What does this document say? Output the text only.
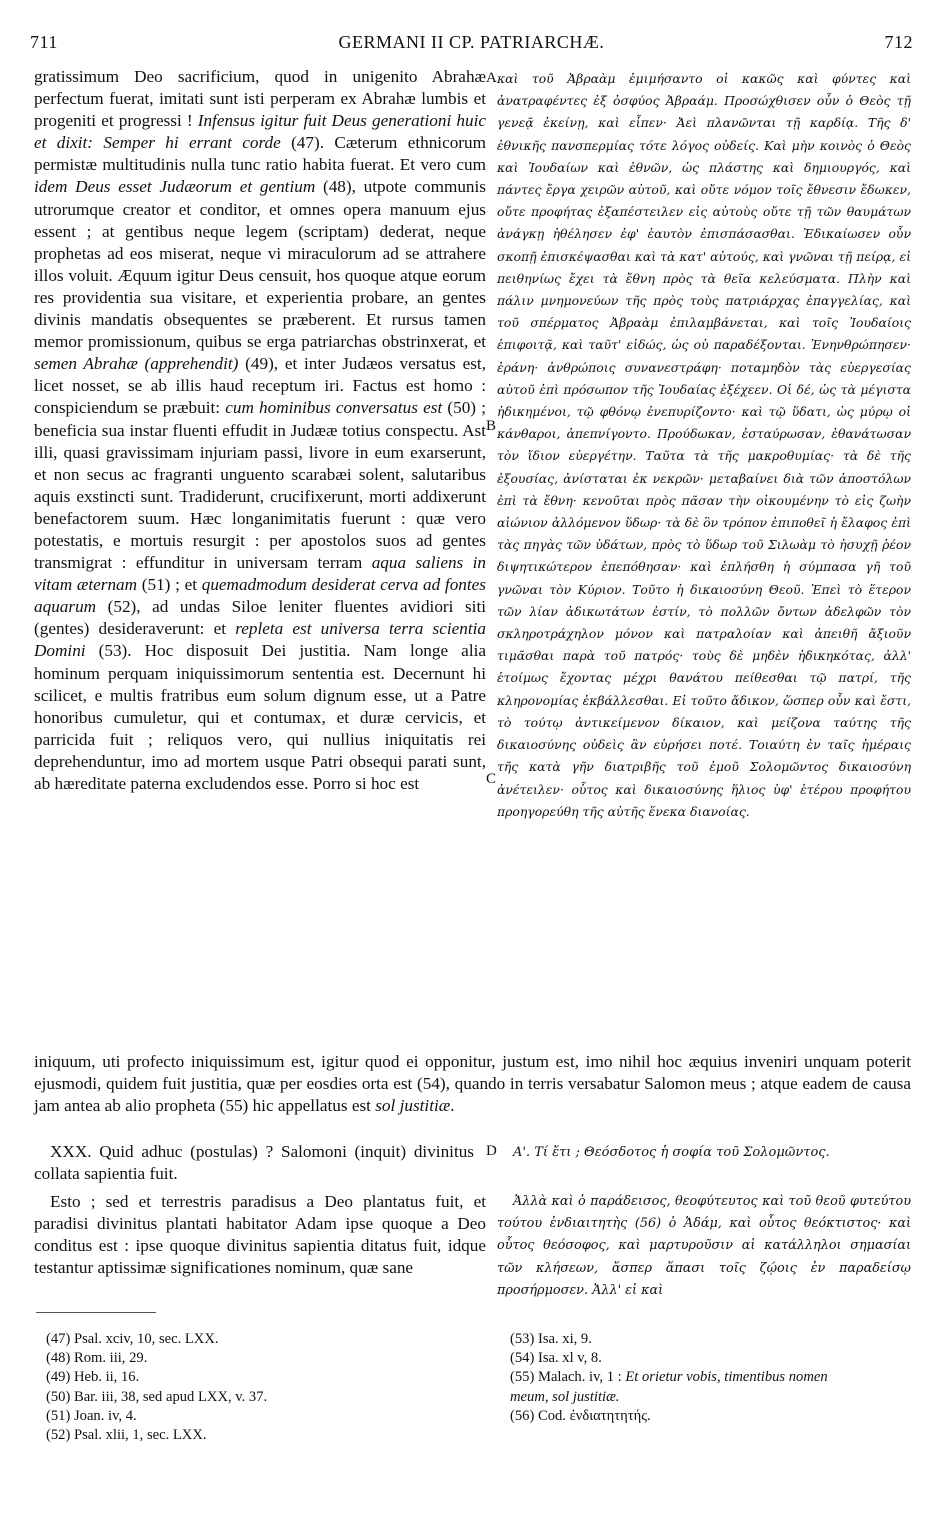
711	GERMANI II CP. PATRIARCHÆ.	712

gratissimum Deo sacrificium, quod in unigenito Abrahæ perfectum fuerat, imitati sunt isti perperam ex Abrahæ lumbis et progeniti et progressi ! Infensus igitur fuit Deus generationi huic et dixit: Semper hi errant corde (47). Cæterum ethnicorum permistæ multitudinis nulla tunc ratio habita fuerat. Et vero cum idem Deus esset Judæorum et gentium (48), utpote communis utrorumque creator et conditor, et omnes opera manuum ejus essent ; at gentibus neque legem (scriptam) dederat, neque prophetas ad eos miserat, neque vi miraculorum ad se attrahere illos voluit. Æquum igitur Deus censuit, hos quoque atque eorum res providentia sua visitare, et experientia probare, an gentes divinis mandatis obsequentes se præberent. Et rursus tamen memor promissionum, quibus se erga patriarchas obstrinxerat, et semen Abrahæ (apprehendit) (49), et inter Judæos versatus est, licet nosset, se ab illis haud receptum iri. Factus est homo : conspiciendum se præbuit: cum hominibus conversatus est (50) ; beneficia sua instar fluenti effudit in Judææ totius conspectu. Ast illi, quasi gravissimam injuriam passi, livore in eum exarserunt, et non secus ac fragranti unguento scarabæi solent, salutaribus aquis exstincti sunt. Tradiderunt, crucifixerunt, morti addixerunt benefactorem suum. Hæc longanimitatis fuerunt : quæ vero potestatis, e mortuis resurgit : per apostolos suos ad gentes transmigrat : effunditur in universam terram aqua saliens in vitam æternam (51) ; et quemadmodum desiderat cerva ad fontes aquarum (52), ad undas Siloe leniter fluentes avidiori siti (gentes) desideraverunt: et repleta est universa terra scientia Domini (53). Hoc disposuit Dei justitia. Nam longe alia hominum perquam iniquissimorum sententia est. Decernunt hi scilicet, e multis fratribus eum solum dignum esse, ut a Patre honoribus cumuletur, qui et contumax, et duræ cervicis, et parricida fuit ; reliquos vero, qui nullius iniquitatis rei deprehenduntur, imo ad mortem usque Patri obsequi parati sunt, ab hæreditate paterna excludendos esse. Porro si hoc est

A
B
C
D

καὶ τοῦ Ἀβραὰμ ἐμιμήσαντο οἱ κακῶς καὶ φύντες καὶ ἀνατραφέντες ἐξ ὀσφύος Ἀβραάμ. Προσώχθισεν οὖν ὁ Θεὸς τῇ γενεᾷ ἐκείνῃ, καὶ εἶπεν· Ἀεὶ πλανῶνται τῇ καρδίᾳ. Τῆς δ' ἐθνικῆς πανσπερμίας τότε λόγος οὐδείς. Καὶ μὴν κοινὸς ὁ Θεὸς καὶ Ἰουδαίων καὶ ἐθνῶν, ὡς πλάστης καὶ δημιουργός, καὶ πάντες ἔργα χειρῶν αὐτοῦ, καὶ οὔτε νόμον τοῖς ἔθνεσιν ἔδωκεν, οὔτε προφήτας ἐξαπέστειλεν εἰς αὐτοὺς οὔτε τῇ τῶν θαυμάτων ἀνάγκῃ ἠθέλησεν ἐφ' ἑαυτὸν ἐπισπάσασθαι. Ἐδικαίωσεν οὖν σκοπῇ ἐπισκέψασθαι καὶ τὰ κατ' αὐτούς, καὶ γνῶναι τῇ πείρᾳ, εἰ πειθηνίως ἔχει τὰ ἔθνη πρὸς τὰ θεῖα κελεύσματα. Πλὴν καὶ πάλιν μνημονεύων τῆς πρὸς τοὺς πατριάρχας ἐπαγγελίας, καὶ τοῦ σπέρματος Ἀβραὰμ ἐπιλαμβάνεται, καὶ τοῖς Ἰουδαίοις ἐπιφοιτᾷ, καὶ ταῦτ' εἰδώς, ὡς οὐ παραδέξονται. Ἐνηνθρώπησεν· ἐράνη· ἀνθρώποις συνανεστράφη· ποταμηδὸν τὰς εὐεργεσίας αὐτοῦ ἐπὶ πρόσωπον τῆς Ἰουδαίας ἐξέχεεν. Οἱ δέ, ὡς τὰ μέγιστα ἠδικημένοι, τῷ φθόνῳ ἐνεπυρίζοντο· καὶ τῷ ὕδατι, ὡς μύρῳ οἱ κάνθαροι, ἀπεπνίγοντο. Προύδωκαν, ἐσταύρωσαν, ἐθανάτωσαν τὸν ἴδιον εὐεργέτην. Ταῦτα τὰ τῆς μακροθυμίας· τὰ δὲ τῆς ἐξουσίας, ἀνίσταται ἐκ νεκρῶν· μεταβαίνει διὰ τῶν ἀποστόλων ἐπὶ τὰ ἔθνη· κενοῦται πρὸς πᾶσαν τὴν οἰκουμένην τὸ εἰς ζωὴν αἰώνιον ἁλλόμενον ὕδωρ· τὰ δὲ ὃν τρόπον ἐπιποθεῖ ἡ ἔλαφος ἐπὶ τὰς πηγὰς τῶν ὑδάτων, πρὸς τὸ ὕδωρ τοῦ Σιλωὰμ τὸ ἡσυχῇ ῥέον διψητικώτερον ἐπεπόθησαν· καὶ ἐπλήσθη ἡ σύμπασα γῆ τοῦ γνῶναι τὸν Κύριον. Τοῦτο ἡ δικαιοσύνη Θεοῦ. Ἐπεὶ τὸ ἕτερον τῶν λίαν ἀδικωτάτων ἐστίν, τὸ πολλῶν ὄντων ἀδελφῶν τὸν σκληροτράχηλον μόνον καὶ πατραλοίαν καὶ ἀπειθῆ ἄξιοῦν τιμᾶσθαι παρὰ τοῦ πατρός· τοὺς δὲ μηδὲν ἠδικηκότας, ἀλλ' ἑτοίμως ἔχοντας μέχρι θανάτου πείθεσθαι τῷ πατρί, τῆς κληρονομίας ἐκβάλλεσθαι. Εἰ τοῦτο ἄδικον, ὥσπερ οὖν καὶ ἔστι, τὸ τούτῳ ἀντικείμενον δίκαιον, καὶ μείζονα ταύτης τῆς δικαιοσύνης οὐδεὶς ἂν εὑρήσει ποτέ. Τοιαύτη ἐν ταῖς ἡμέραις τῆς κατὰ γῆν διατριβῆς τοῦ ἐμοῦ Σολομῶντος δικαιοσύνη ἀνέτειλεν· οὗτος καὶ δικαιοσύνης ἥλιος ὑφ' ἑτέρου προφήτου προηγορεύθη τῆς αὐτῆς ἕνεκα διανοίας.

iniquum, uti profecto iniquissimum est, igitur quod ei opponitur, justum est, imo nihil hoc æquius inveniri unquam poterit ejusmodi, quidem fuit justitia, quæ per eosdies orta est (54), quando in terris versabatur Salomon meus ; atque eadem de causa jam antea ab alio propheta (55) hic appellatus est sol justitiæ.

XXX. Quid adhuc (postulas) ? Salomoni (inquit) divinitus collata sapientia fuit.

Α'. Τί ἔτι ; Θεόσδοτος ἡ σοφία τοῦ Σολομῶντος.

Esto ; sed et terrestris paradisus a Deo plantatus fuit, et paradisi divinitus plantati habitator Adam ipse quoque a Deo conditus est : ipse quoque divinitus sapientia ditatus fuit, idque testantur aptissimæ significationes nominum, quæ sane

Ἀλλὰ καὶ ὁ παράδεισος, θεοφύτευτος καὶ τοῦ θεοῦ φυτεύτου τούτου ἐνδιαιτητὴς (56) ὁ Ἀδάμ, καὶ οὗτος θεόκτιστος· καὶ οὗτος θεόσοφος, καὶ μαρτυροῦσιν αἱ κατάλληλοι σημασίαι τῶν κλήσεων, ἅσπερ ἅπασι τοῖς ζῴοις ἐν παραδείσῳ προσήρμοσεν. Ἀλλ' εἰ καὶ

(47) Psal. xciv, 10, sec. LXX.
(48) Rom. iii, 29.
(49) Heb. ii, 16.
(50) Bar. iii, 38, sed apud LXX, v. 37.
(51) Joan. iv, 4.
(52) Psal. xlii, 1, sec. LXX.
(53) Isa. xi, 9.
(54) Isa. xl v, 8.
(55) Malach. iv, 1 : Et orietur vobis, timentibus nomen meum, sol justitiæ.
(56) Cod. ἐνδιατητητής.
